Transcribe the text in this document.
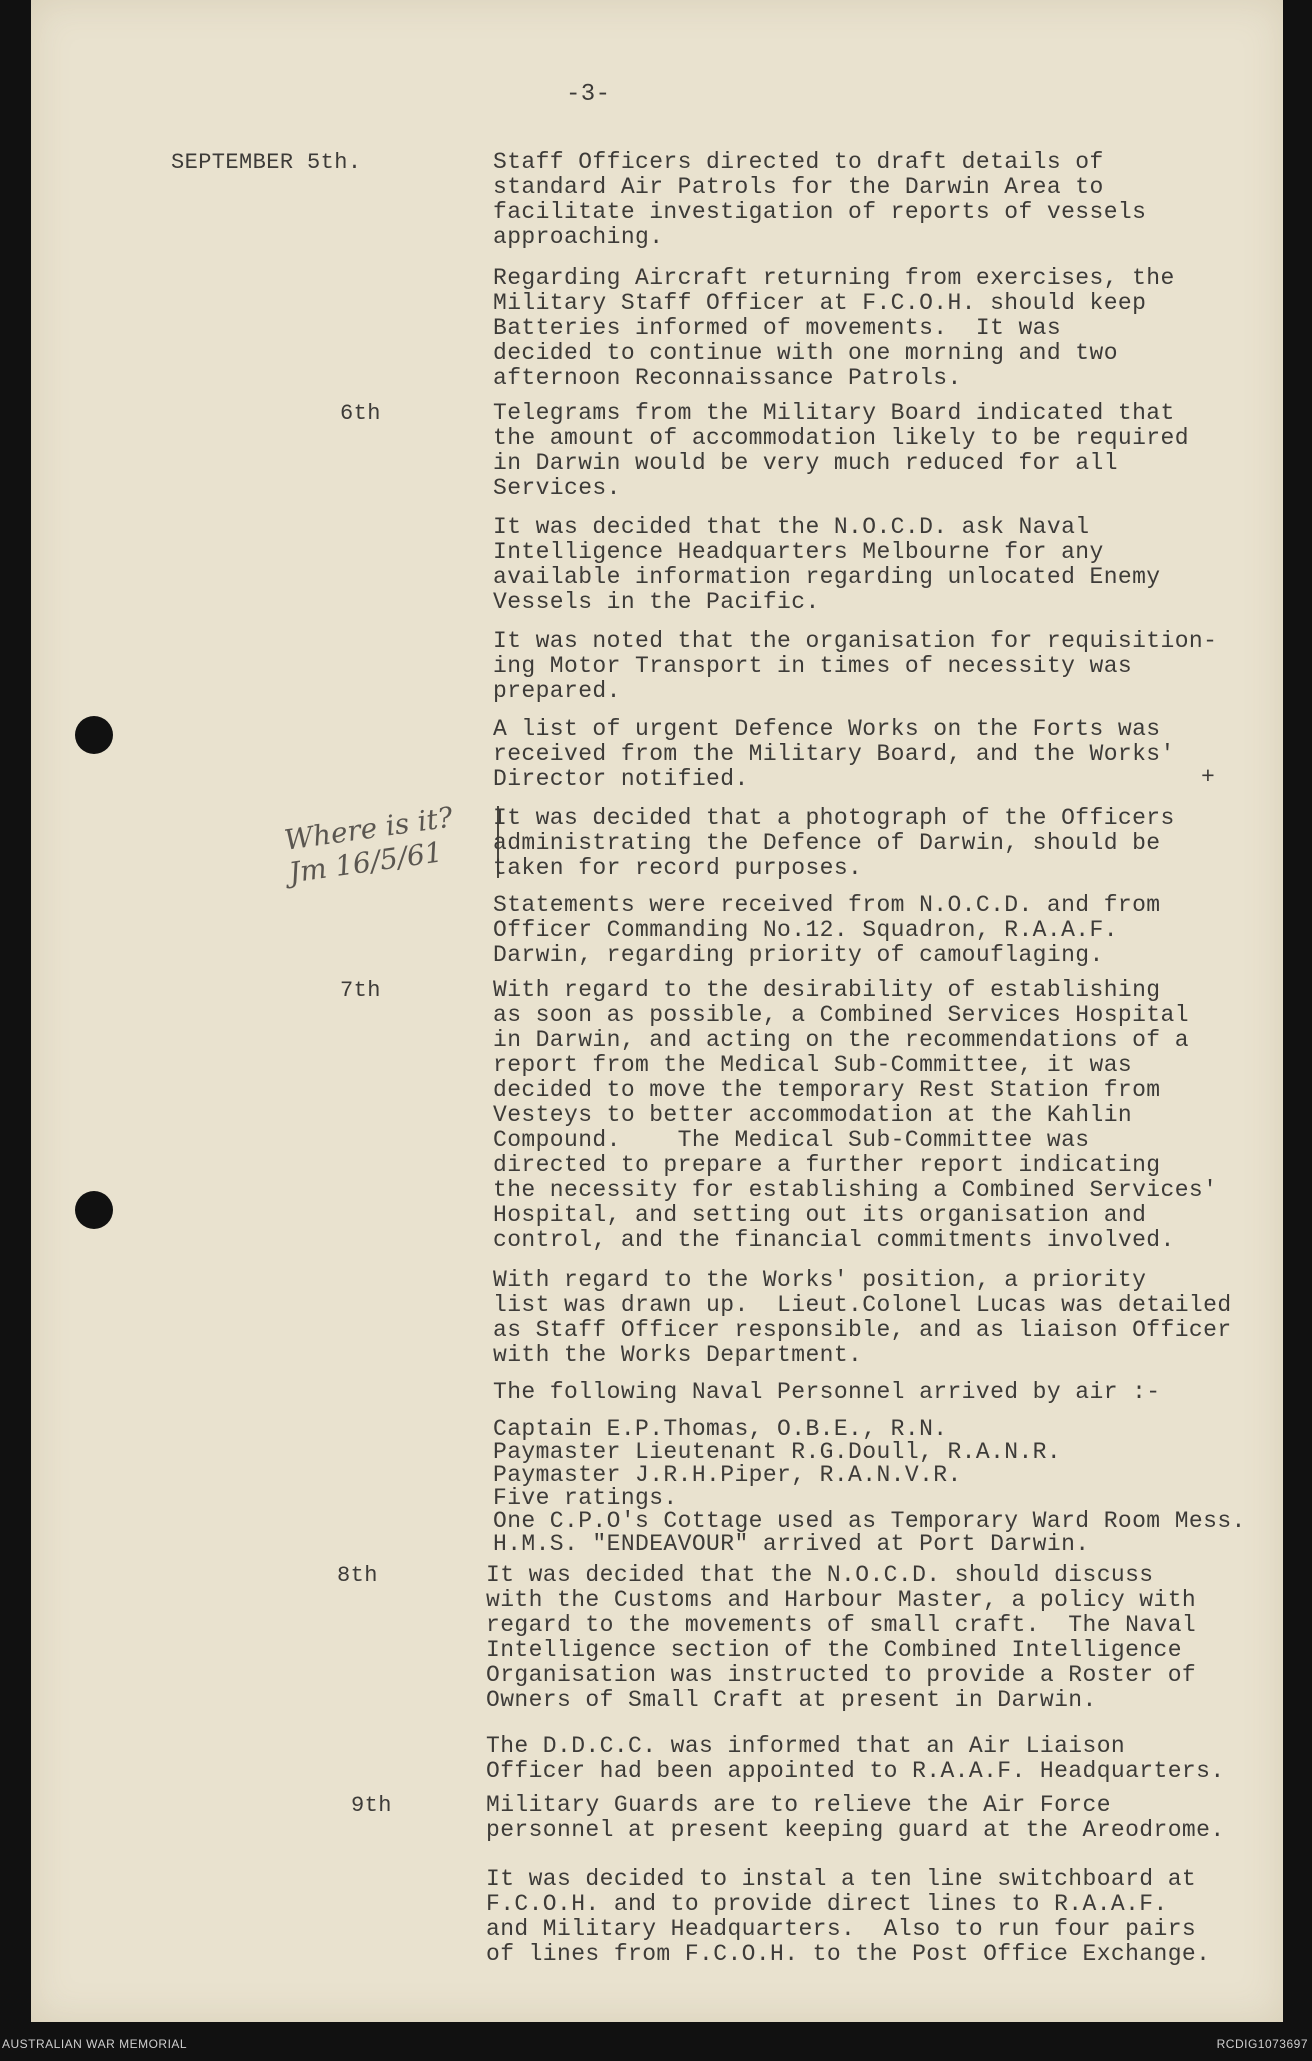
-3-
SEPTEMBER 5th.
6th
7th
8th
9th
Staff Officers directed to draft details of
standard Air Patrols for the Darwin Area to
facilitate investigation of reports of vessels
approaching.
Regarding Aircraft returning from exercises, the
Military Staff Officer at F.C.O.H. should keep
Batteries informed of movements.  It was
decided to continue with one morning and two
afternoon Reconnaissance Patrols.
Telegrams from the Military Board indicated that
the amount of accommodation likely to be required
in Darwin would be very much reduced for all
Services.
It was decided that the N.O.C.D. ask Naval
Intelligence Headquarters Melbourne for any
available information regarding unlocated Enemy
Vessels in the Pacific.
It was noted that the organisation for requisition-
ing Motor Transport in times of necessity was
prepared.
A list of urgent Defence Works on the Forts was
received from the Military Board, and the Works'
Director notified.	+
It was decided that a photograph of the Officers
administrating the Defence of Darwin, should be
taken for record purposes.
Statements were received from N.O.C.D. and from
Officer Commanding No.12. Squadron, R.A.A.F.
Darwin, regarding priority of camouflaging.
With regard to the desirability of establishing
as soon as possible, a Combined Services Hospital
in Darwin, and acting on the recommendations of a
report from the Medical Sub-Committee, it was
decided to move the temporary Rest Station from
Vesteys to better accommodation at the Kahlin
Compound.    The Medical Sub-Committee was
directed to prepare a further report indicating
the necessity for establishing a Combined Services'
Hospital, and setting out its organisation and
control, and the financial commitments involved.
With regard to the Works' position, a priority
list was drawn up.  Lieut.Colonel Lucas was detailed
as Staff Officer responsible, and as liaison Officer
with the Works Department.
The following Naval Personnel arrived by air :-
Captain E.P.Thomas, O.B.E., R.N.
Paymaster Lieutenant R.G.Doull, R.A.N.R.
Paymaster J.R.H.Piper, R.A.N.V.R.
Five ratings.
One C.P.O's Cottage used as Temporary Ward Room Mess.
H.M.S. "ENDEAVOUR" arrived at Port Darwin.
It was decided that the N.O.C.D. should discuss
with the Customs and Harbour Master, a policy with
regard to the movements of small craft.  The Naval
Intelligence section of the Combined Intelligence
Organisation was instructed to provide a Roster of
Owners of Small Craft at present in Darwin.
The D.D.C.C. was informed that an Air Liaison
Officer had been appointed to R.A.A.F. Headquarters.
Military Guards are to relieve the Air Force
personnel at present keeping guard at the Areodrome.
It was decided to instal a ten line switchboard at
F.C.O.H. and to provide direct lines to R.A.A.F.
and Military Headquarters.  Also to run four pairs
of lines from F.C.O.H. to the Post Office Exchange.
Where is it?
Jm 16/5/61
AUSTRALIAN WAR MEMORIAL	RCDIG1073697
